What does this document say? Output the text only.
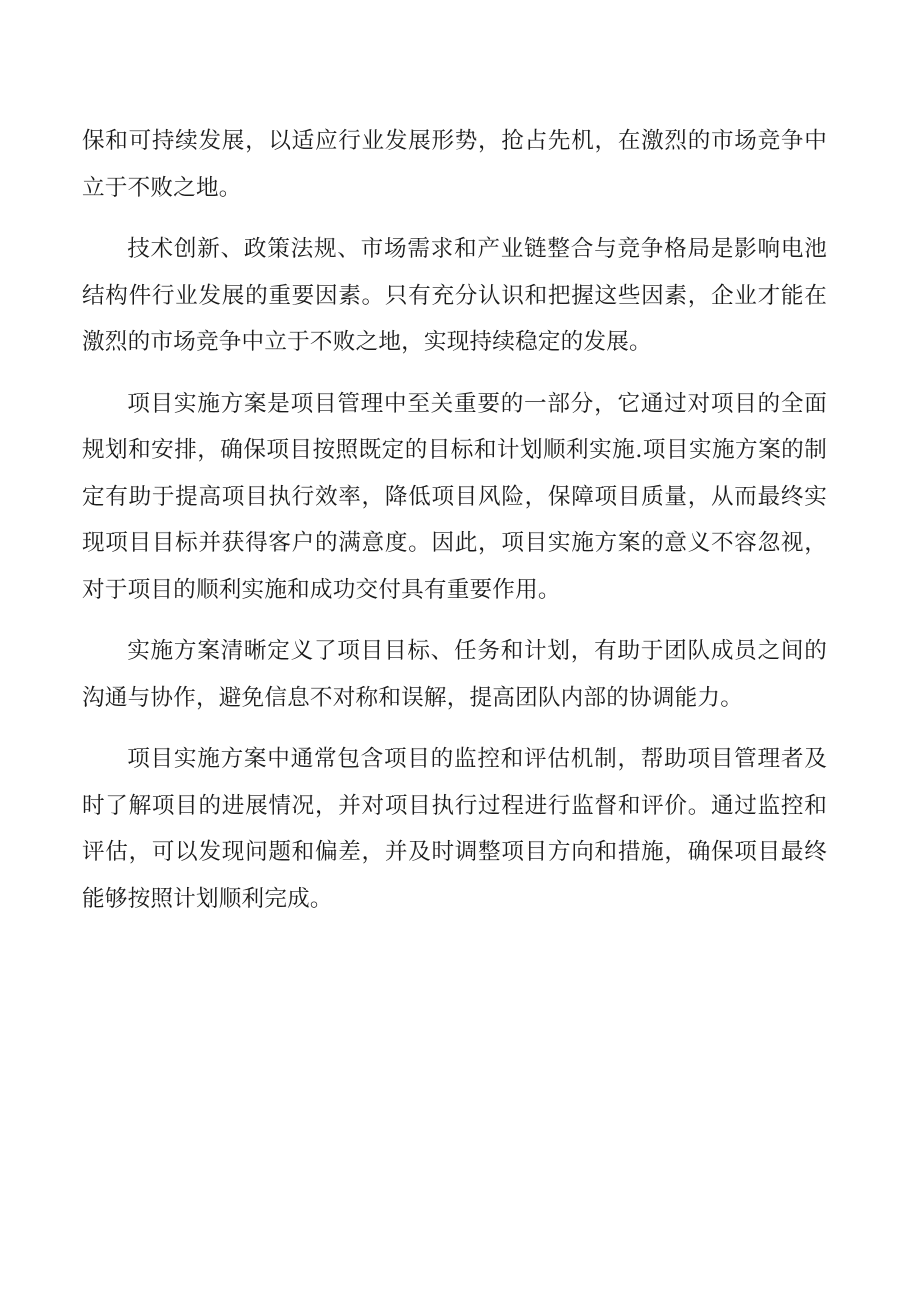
保和可持续发展，以适应行业发展形势，抢占先机，在激烈的市场竞争中立于不败之地。

技术创新、政策法规、市场需求和产业链整合与竞争格局是影响电池结构件行业发展的重要因素。只有充分认识和把握这些因素，企业才能在激烈的市场竞争中立于不败之地，实现持续稳定的发展。

项目实施方案是项目管理中至关重要的一部分，它通过对项目的全面规划和安排，确保项目按照既定的目标和计划顺利实施.项目实施方案的制定有助于提高项目执行效率，降低项目风险，保障项目质量，从而最终实现项目目标并获得客户的满意度。因此，项目实施方案的意义不容忽视，对于项目的顺利实施和成功交付具有重要作用。

实施方案清晰定义了项目目标、任务和计划，有助于团队成员之间的沟通与协作，避免信息不对称和误解，提高团队内部的协调能力。

项目实施方案中通常包含项目的监控和评估机制，帮助项目管理者及时了解项目的进展情况，并对项目执行过程进行监督和评价。通过监控和评估，可以发现问题和偏差，并及时调整项目方向和措施，确保项目最终能够按照计划顺利完成。
